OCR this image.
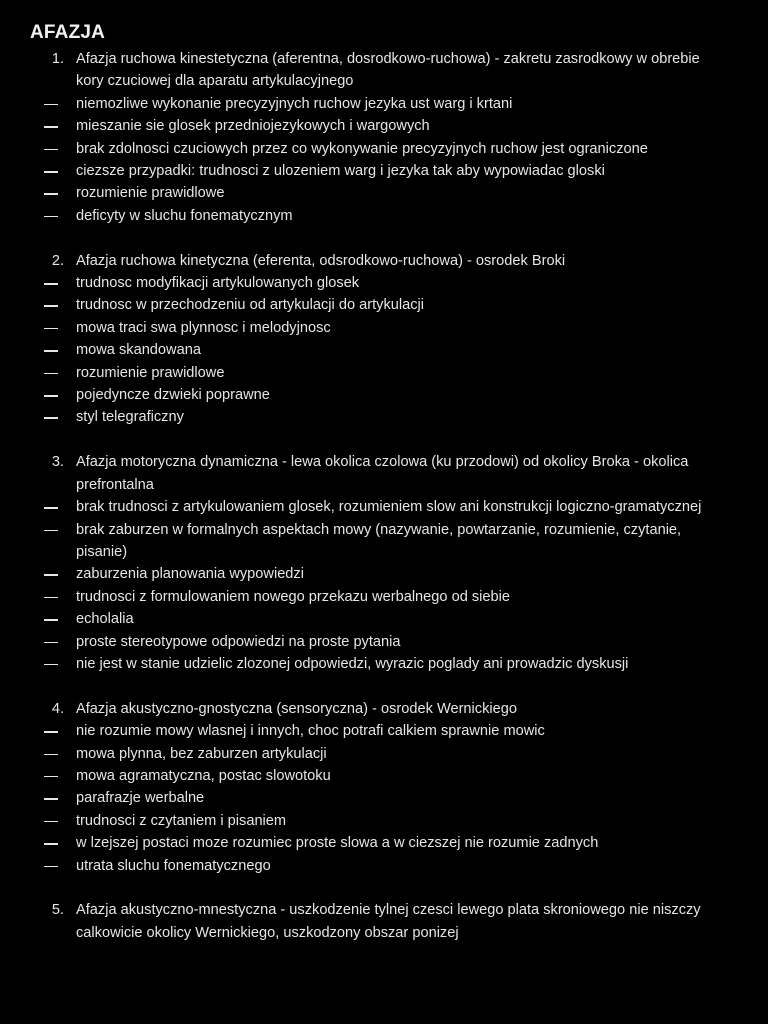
AFAZJA
1. Afazja ruchowa kinestetyczna (aferentna, dosrodkowo-ruchowa) - zakretu zasrodkowy w obrebie kory czuciowej dla aparatu artykulacyjnego
niemozliwe wykonanie precyzyjnych ruchow jezyka ust warg i krtani
mieszanie sie glosek przedniojezykowych i wargowych
brak zdolnosci czuciowych przez co wykonywanie precyzyjnych ruchow jest ograniczone
ciezsze przypadki: trudnosci z ulozeniem warg i jezyka tak aby wypowiadac gloski
rozumienie prawidlowe
deficyty w sluchu fonematycznym
2. Afazja ruchowa kinetyczna (eferenta, odsrodkowo-ruchowa) - osrodek Broki
trudnosc modyfikacji artykulowanych glosek
trudnosc w przechodzeniu od artykulacji do artykulacji
mowa traci swa plynnosc i melodyjnosc
mowa skandowana
rozumienie prawidlowe
pojedyncze dzwieki poprawne
styl telegraficzny
3. Afazja motoryczna dynamiczna - lewa okolica czolowa (ku przodowi) od okolicy Broka - okolica prefrontalna
brak trudnosci z artykulowaniem glosek, rozumieniem slow ani konstrukcji logiczno-gramatycznej
brak zaburzen w formalnych aspektach mowy (nazywanie, powtarzanie, rozumienie, czytanie, pisanie)
zaburzenia planowania wypowiedzi
trudnosci z formulowaniem nowego przekazu werbalnego od siebie
echolalia
proste stereotypowe odpowiedzi na proste pytania
nie jest w stanie udzielic zlozonej odpowiedzi, wyrazic poglady ani prowadzic dyskusji
4. Afazja akustyczno-gnostyczna (sensoryczna) - osrodek Wernickiego
nie rozumie mowy wlasnej i innych, choc potrafi calkiem sprawnie mowic
mowa plynna, bez zaburzen artykulacji
mowa agramatyczna, postac slowotoku
parafrazje werbalne
trudnosci z czytaniem i pisaniem
w lzejszej postaci moze rozumiec proste slowa a w ciezszej nie rozumie zadnych
utrata sluchu fonematycznego
5. Afazja akustyczno-mnestyczna - uszkodzenie tylnej czesci lewego plata skroniowego nie niszczy calkowicie okolicy Wernickiego, uszkodzony obszar ponizej
